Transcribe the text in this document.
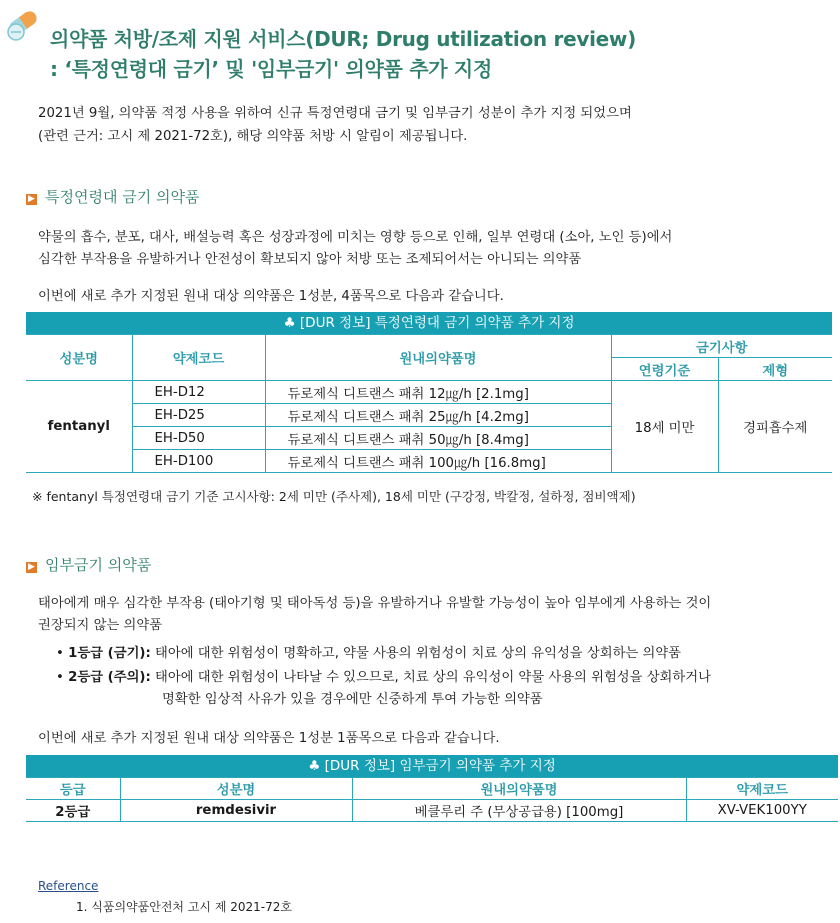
의약품 처방/조제 지원 서비스(DUR; Drug utilization review)
: ‘특정연령대 금기’ 및 '임부금기' 의약품 추가 지정
2021년 9월, 의약품 적정 사용을 위하여 신규 특정연령대 금기 및 임부금기 성분이 추가 지정 되었으며
(관련 근거: 고시 제 2021-72호), 해당 의약품 처방 시 알림이 제공됩니다.
▶ 특정연령대 금기 의약품
약물의 흡수, 분포, 대사, 배설능력 혹은 성장과정에 미치는 영향 등으로 인해, 일부 연령대 (소아, 노인 등)에서
심각한 부작용을 유발하거나 안전성이 확보되지 않아 처방 또는 조제되어서는 아니되는 의약품
이번에 새로 추가 지정된 원내 대상 의약품은 1성분, 4품목으로 다음과 같습니다.
♣ [DUR 정보] 특정연령대 금기 의약품 추가 지정
성분명	약제코드	원내의약품명	금기사항	
			연령기준	제형
fentanyl	EH-D12	듀로제식 디트랜스 패취 12㎍/h [2.1mg]	18세 미만	경피흡수제
	EH-D25	듀로제식 디트랜스 패취 25㎍/h [4.2mg]		
	EH-D50	듀로제식 디트랜스 패취 50㎍/h [8.4mg]		
	EH-D100	듀로제식 디트랜스 패취 100㎍/h [16.8mg]		
※ fentanyl 특정연령대 금기 기준 고시사항: 2세 미만 (주사제), 18세 미만 (구강정, 박칼정, 설하정, 점비액제)
▶ 임부금기 의약품
태아에게 매우 심각한 부작용 (태아기형 및 태아독성 등)을 유발하거나 유발할 가능성이 높아 임부에게 사용하는 것이
권장되지 않는 의약품
• 1등급 (금기): 태아에 대한 위험성이 명확하고, 약물 사용의 위험성이 치료 상의 유익성을 상회하는 의약품
• 2등급 (주의): 태아에 대한 위험성이 나타날 수 있으므로, 치료 상의 유익성이 약물 사용의 위험성을 상회하거나
명확한 임상적 사유가 있을 경우에만 신중하게 투여 가능한 의약품
이번에 새로 추가 지정된 원내 대상 의약품은 1성분 1품목으로 다음과 같습니다.
♣ [DUR 정보] 임부금기 의약품 추가 지정
등급	성분명	원내의약품명	약제코드
2등급	remdesivir	베클루리 주 (무상공급용) [100mg]	XV-VEK100YY
Reference
1. 식품의약품안전처 고시 제 2021-72호
